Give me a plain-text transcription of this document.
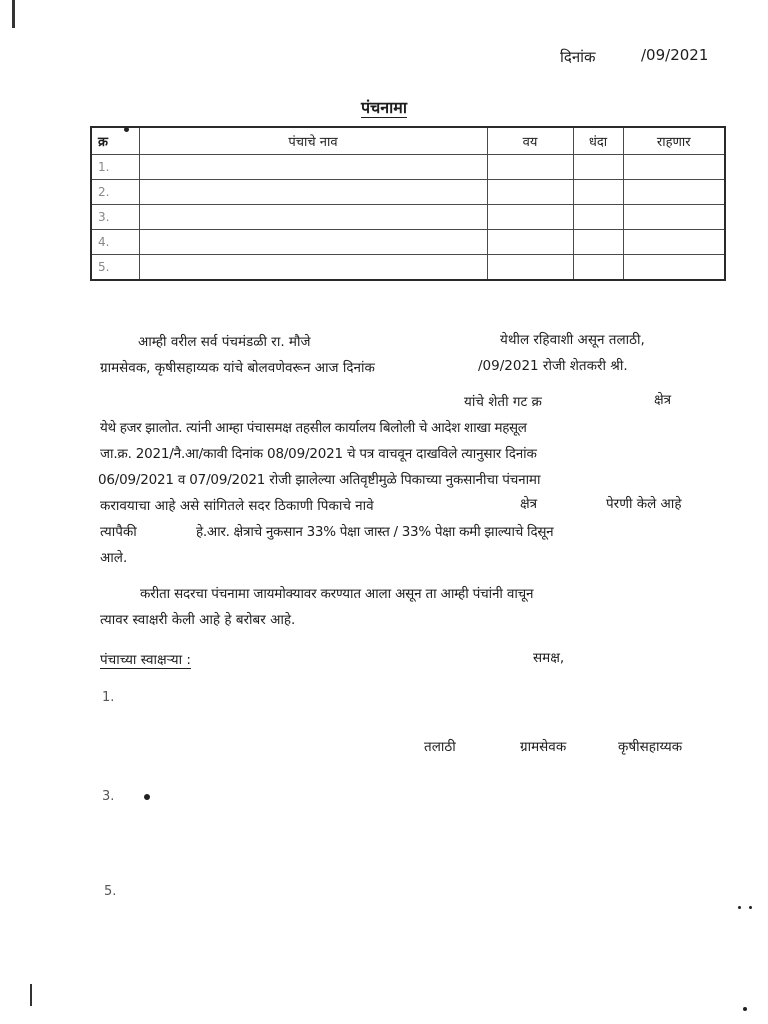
दिनांक	/09/2021
पंचनामा
क्र	पंचाचे नाव	वय	धंदा	राहणार
1.				
2.				
3.				
4.				
5.				
आम्ही वरील सर्व पंचमंडळी रा. मौजे	येथील रहिवाशी असून तलाठी,
ग्रामसेवक, कृषीसहाय्यक यांचे बोलवणेवरून आज दिनांक	/09/2021 रोजी शेतकरी श्री.
यांचे शेती गट क्र	क्षेत्र
येथे हजर झालोत. त्यांनी आम्हा पंचासमक्ष तहसील कार्यालय बिलोली चे आदेश शाखा महसूल
जा.क्र. 2021/नै.आ/कावी दिनांक 08/09/2021 चे पत्र वाचवून दाखविले त्यानुसार दिनांक
06/09/2021 व 07/09/2021 रोजी झालेल्या अतिवृष्टीमुळे पिकाच्या नुकसानीचा पंचनामा
करावयाचा आहे असे सांगितले सदर ठिकाणी पिकाचे नावे	क्षेत्र	पेरणी केले आहे
त्यापैकी	हे.आर. क्षेत्राचे नुकसान 33% पेक्षा जास्त / 33% पेक्षा कमी झाल्याचे दिसून
आले.
करीता सदरचा पंचनामा जायमोक्यावर करण्यात आला असून ता आम्ही पंचांनी वाचून
त्यावर स्वाक्षरी केली आहे हे बरोबर आहे.
पंचाच्या स्वाक्षऱ्या :	समक्ष,
1.
3.
5.
तलाठी	ग्रामसेवक	कृषीसहाय्यक
